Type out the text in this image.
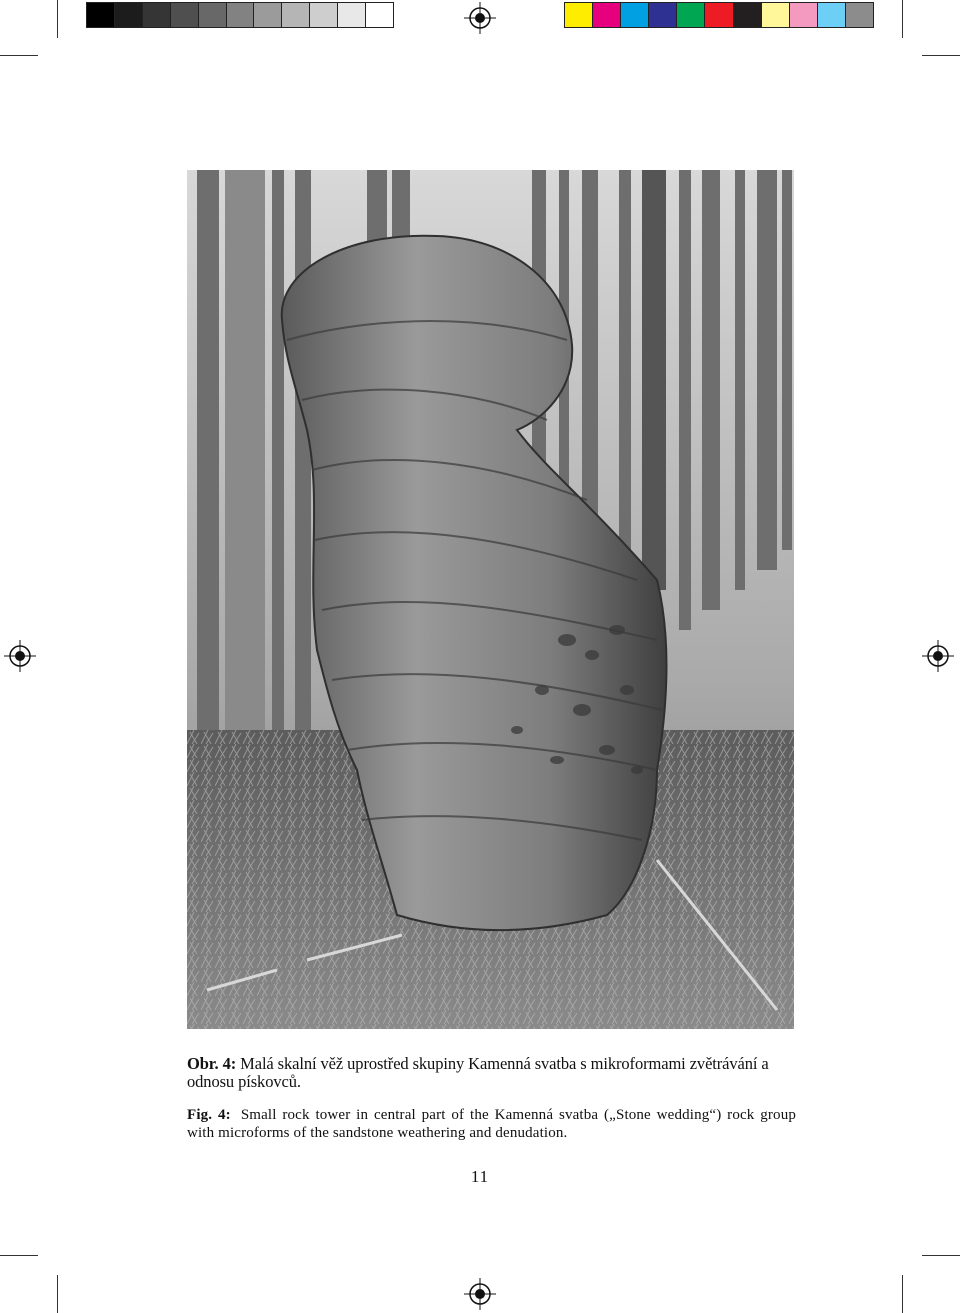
Obr. 4: Malá skalní věž uprostřed skupiny Kamenná svatba s mikroformami zvětrávání a odnosu pískovců.
Fig. 4: Small rock tower in central part of the Kamenná svatba („Stone wedding“) rock group with microforms of the sandstone weathering and denudation.
11
